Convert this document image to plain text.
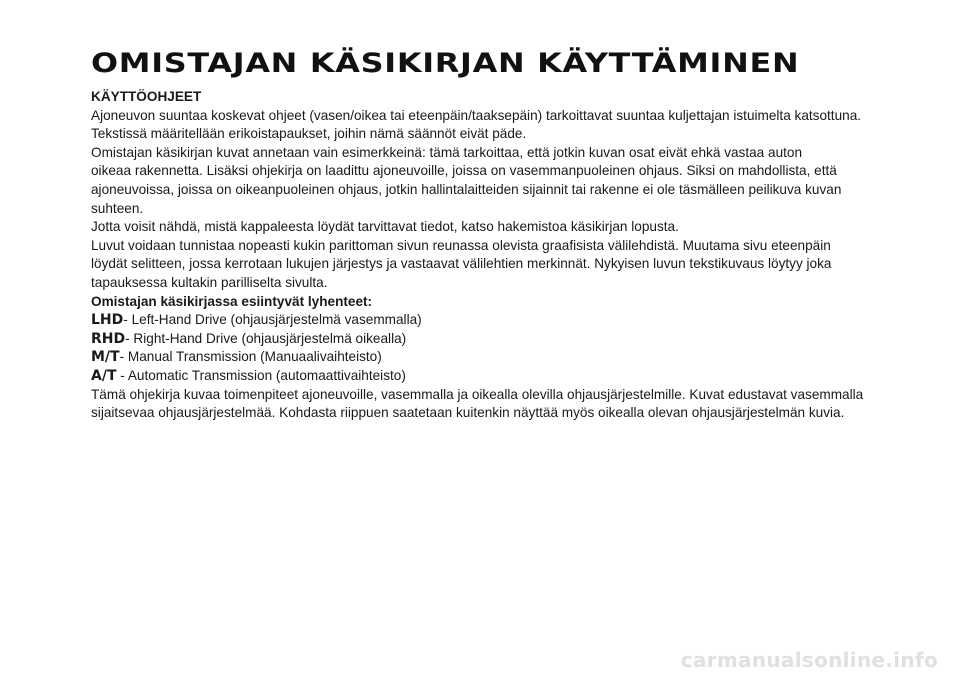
OMISTAJAN KÄSIKIRJAN KÄYTTÄMINEN

KÄYTTÖOHJEET

Ajoneuvon suuntaa koskevat ohjeet (vasen/oikea tai eteenpäin/taaksepäin) tarkoittavat suuntaa kuljettajan istuimelta katsottuna.

Tekstissä määritellään erikoistapaukset, joihin nämä säännöt eivät päde.

Omistajan käsikirjan kuvat annetaan vain esimerkkeinä: tämä tarkoittaa, että jotkin kuvan osat eivät ehkä vastaa auton

oikeaa rakennetta. Lisäksi ohjekirja on laadittu ajoneuvoille, joissa on vasemmanpuoleinen ohjaus. Siksi on mahdollista, että

ajoneuvoissa, joissa on oikeanpuoleinen ohjaus, jotkin hallintalaitteiden sijainnit tai rakenne ei ole täsmälleen peilikuva kuvan

suhteen.

Jotta voisit nähdä, mistä kappaleesta löydät tarvittavat tiedot, katso hakemistoa käsikirjan lopusta.

Luvut voidaan tunnistaa nopeasti kukin parittoman sivun reunassa olevista graafisista välilehdistä. Muutama sivu eteenpäin

löydät selitteen, jossa kerrotaan lukujen järjestys ja vastaavat välilehtien merkinnät. Nykyisen luvun tekstikuvaus löytyy joka

tapauksessa kultakin parilliselta sivulta.

Omistajan käsikirjassa esiintyvät lyhenteet:

LHD- Left-Hand Drive (ohjausjärjestelmä vasemmalla)

RHD- Right-Hand Drive (ohjausjärjestelmä oikealla)

M/T- Manual Transmission (Manuaalivaihteisto)

A/T - Automatic Transmission (automaattivaihteisto)

Tämä ohjekirja kuvaa toimenpiteet ajoneuvoille, vasemmalla ja oikealla olevilla ohjausjärjestelmille. Kuvat edustavat vasemmalla

sijaitsevaa ohjausjärjestelmää. Kohdasta riippuen saatetaan kuitenkin näyttää myös oikealla olevan ohjausjärjestelmän kuvia.

carmanualsonline.info
